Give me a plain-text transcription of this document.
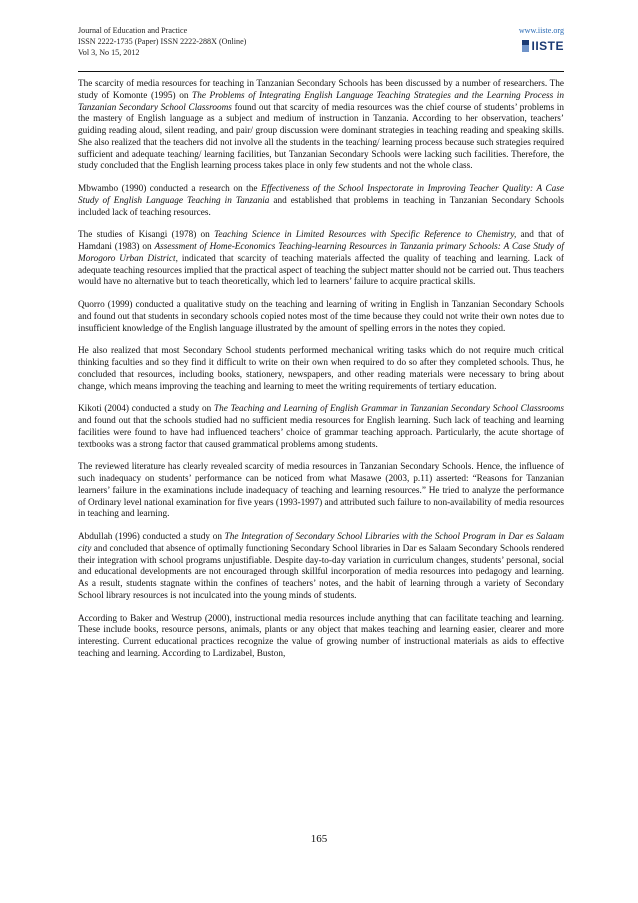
Journal of Education and Practice
ISSN 2222-1735 (Paper) ISSN 2222-288X (Online)
Vol 3, No 15, 2012
www.iiste.org
IISTE

The scarcity of media resources for teaching in Tanzanian Secondary Schools has been discussed by a number of researchers. The study of Komonte (1995) on The Problems of Integrating English Language Teaching Strategies and the Learning Process in Tanzanian Secondary School Classrooms found out that scarcity of media resources was the chief course of students’ problems in the mastery of English language as a subject and medium of instruction in Tanzania. According to her observation, teachers’ guiding reading aloud, silent reading, and pair/ group discussion were dominant strategies in teaching reading and speaking skills. She also realized that the teachers did not involve all the students in the teaching/ learning process because such strategies required sufficient and adequate teaching/ learning facilities, but Tanzanian Secondary Schools were lacking such facilities. Therefore, the study concluded that the English learning process takes place in only few students and not the whole class.

Mbwambo (1990) conducted a research on the Effectiveness of the School Inspectorate in Improving Teacher Quality: A Case Study of English Language Teaching in Tanzania and established that problems in teaching in Tanzanian Secondary Schools included lack of teaching resources.

The studies of Kisangi (1978) on Teaching Science in Limited Resources with Specific Reference to Chemistry, and that of Hamdani (1983) on Assessment of Home-Economics Teaching-learning Resources in Tanzania primary Schools: A Case Study of Morogoro Urban District, indicated that scarcity of teaching materials affected the quality of teaching and learning. Lack of adequate teaching resources implied that the practical aspect of teaching the subject matter should not be carried out. Thus teachers would have no alternative but to teach theoretically, which led to learners’ failure to acquire practical skills.

Quorro (1999) conducted a qualitative study on the teaching and learning of writing in English in Tanzanian Secondary Schools and found out that students in secondary schools copied notes most of the time because they could not write their own notes due to insufficient knowledge of the English language illustrated by the amount of spelling errors in the notes they copied.

He also realized that most Secondary School students performed mechanical writing tasks which do not require much critical thinking faculties and so they find it difficult to write on their own when required to do so after they completed schools. Thus, he concluded that resources, including books, stationery, newspapers, and other reading materials were necessary to bring about change, which means improving the teaching and learning to meet the writing requirements of tertiary education.

Kikoti (2004) conducted a study on The Teaching and Learning of English Grammar in Tanzanian Secondary School Classrooms and found out that the schools studied had no sufficient media resources for English learning. Such lack of teaching and learning facilities were found to have had influenced teachers’ choice of grammar teaching approach. Particularly, the acute shortage of textbooks was a strong factor that caused grammatical problems among students.

The reviewed literature has clearly revealed scarcity of media resources in Tanzanian Secondary Schools. Hence, the influence of such inadequacy on students’ performance can be noticed from what Masawe (2003, p.11) asserted: “Reasons for Tanzanian learners’ failure in the examinations include inadequacy of teaching and learning resources.” He tried to analyze the performance of Ordinary level national examination for five years (1993-1997) and attributed such failure to non-availability of media resources in teaching and learning.

Abdullah (1996) conducted a study on The Integration of Secondary School Libraries with the School Program in Dar es Salaam city and concluded that absence of optimally functioning Secondary School libraries in Dar es Salaam Secondary Schools rendered their integration with school programs unjustifiable. Despite day-to-day variation in curriculum changes, students’ personal, social and educational developments are not encouraged through skillful incorporation of media resources into pedagogy and learning. As a result, students stagnate within the confines of teachers’ notes, and the habit of learning through a variety of Secondary School library resources is not inculcated into the young minds of students.

According to Baker and Westrup (2000), instructional media resources include anything that can facilitate teaching and learning. These include books, resource persons, animals, plants or any object that makes teaching and learning easier, clearer and more interesting. Current educational practices recognize the value of growing number of instructional materials as aids to effective teaching and learning. According to Lardizabel, Buston,

165
